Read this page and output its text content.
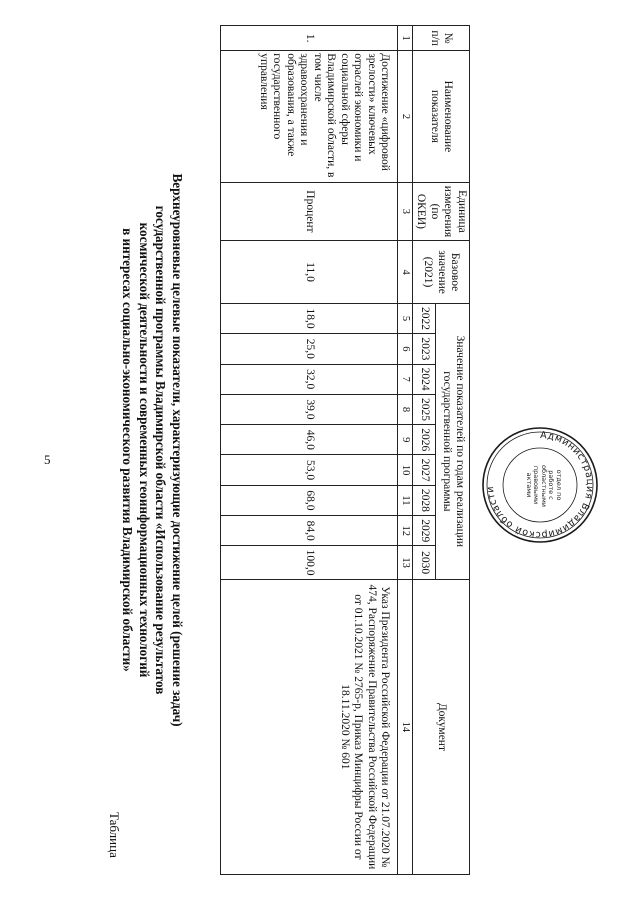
5
Таблица
Верхнеуровневые целевые показатели, характеризующие достижение целей (решение задач)
государственной программы Владимирской области «Использование результатов
космической деятельности и современных геоинформационных технологий
в интересах социально-экономического развития Владимирской области»
№ п/п	Наименование показателя	Единица измерения (по ОКЕИ)	Базовое значение (2021)	Значение показателей по годам реализации государственной программы									Документ
				2022	2023	2024	2025	2026	2027	2028	2029	2030	
1	2	3	4	5	6	7	8	9	10	11	12	13	14
1.	Достижение «цифровой зрелости» ключевых отраслей экономики и социальной сферы Владимирской области, в том числе здравоохранения и образования, а также государственного управления	Процент	11,0	18,0	25,0	32,0	39,0	46,0	53,0	68,0	84,0	100,0	Указ Президента Российской Федерации от 21.07.2020 № 474, Распоряжение Правительства Российской Федерации от 01.10.2021 № 2765-р, Приказ Минцифры России от 18.11.2020 № 601
Администрация Владимирской области	отдел по работе с областными правовыми актами
